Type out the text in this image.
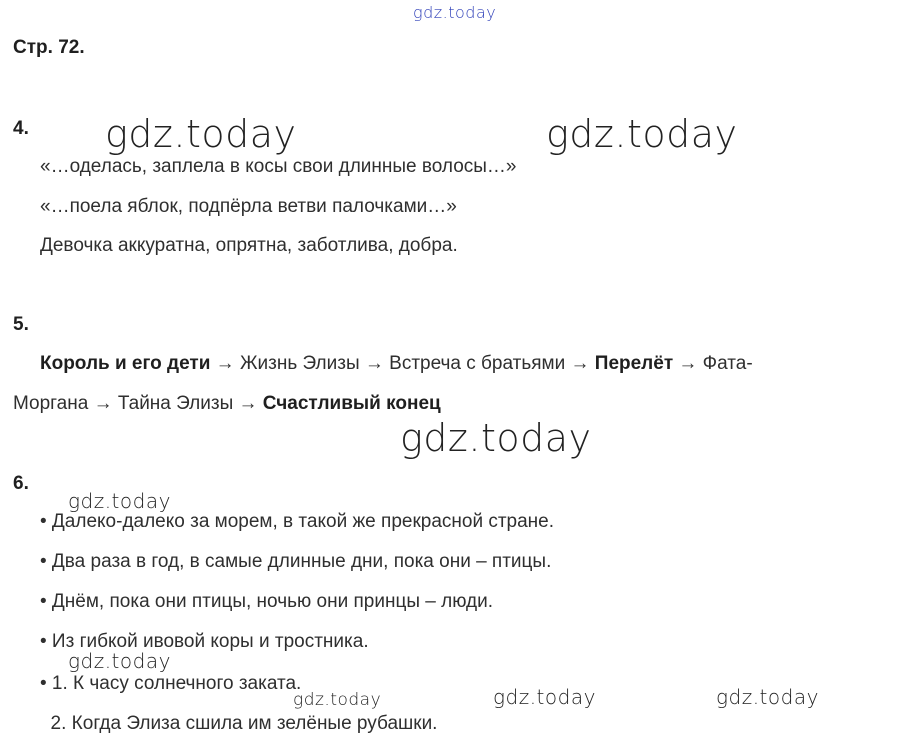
gdz.today
Стр. 72.
4. gdz.today	gdz.today
«…оделась, заплела в косы свои длинные волосы…»
«…поела яблок, подпёрла ветви палочками…»
Девочка аккуратна, опрятна, заботлива, добра.
5.
Король и его дети → Жизнь Элизы → Встреча с братьями → Перелёт → Фата-
Моргана → Тайна Элизы → Счастливый конец
gdz.today
6.
gdz.today
• Далеко-далеко за морем, в такой же прекрасной стране.
• Два раза в год, в самые длинные дни, пока они – птицы.
• Днём, пока они птицы, ночью они принцы – люди.
• Из гибкой ивовой коры и тростника.
gdz.today
• 1. К часу солнечного заката.
gdz.today	gdz.today	gdz.today
2. Когда Элиза сшила им зелёные рубашки.
